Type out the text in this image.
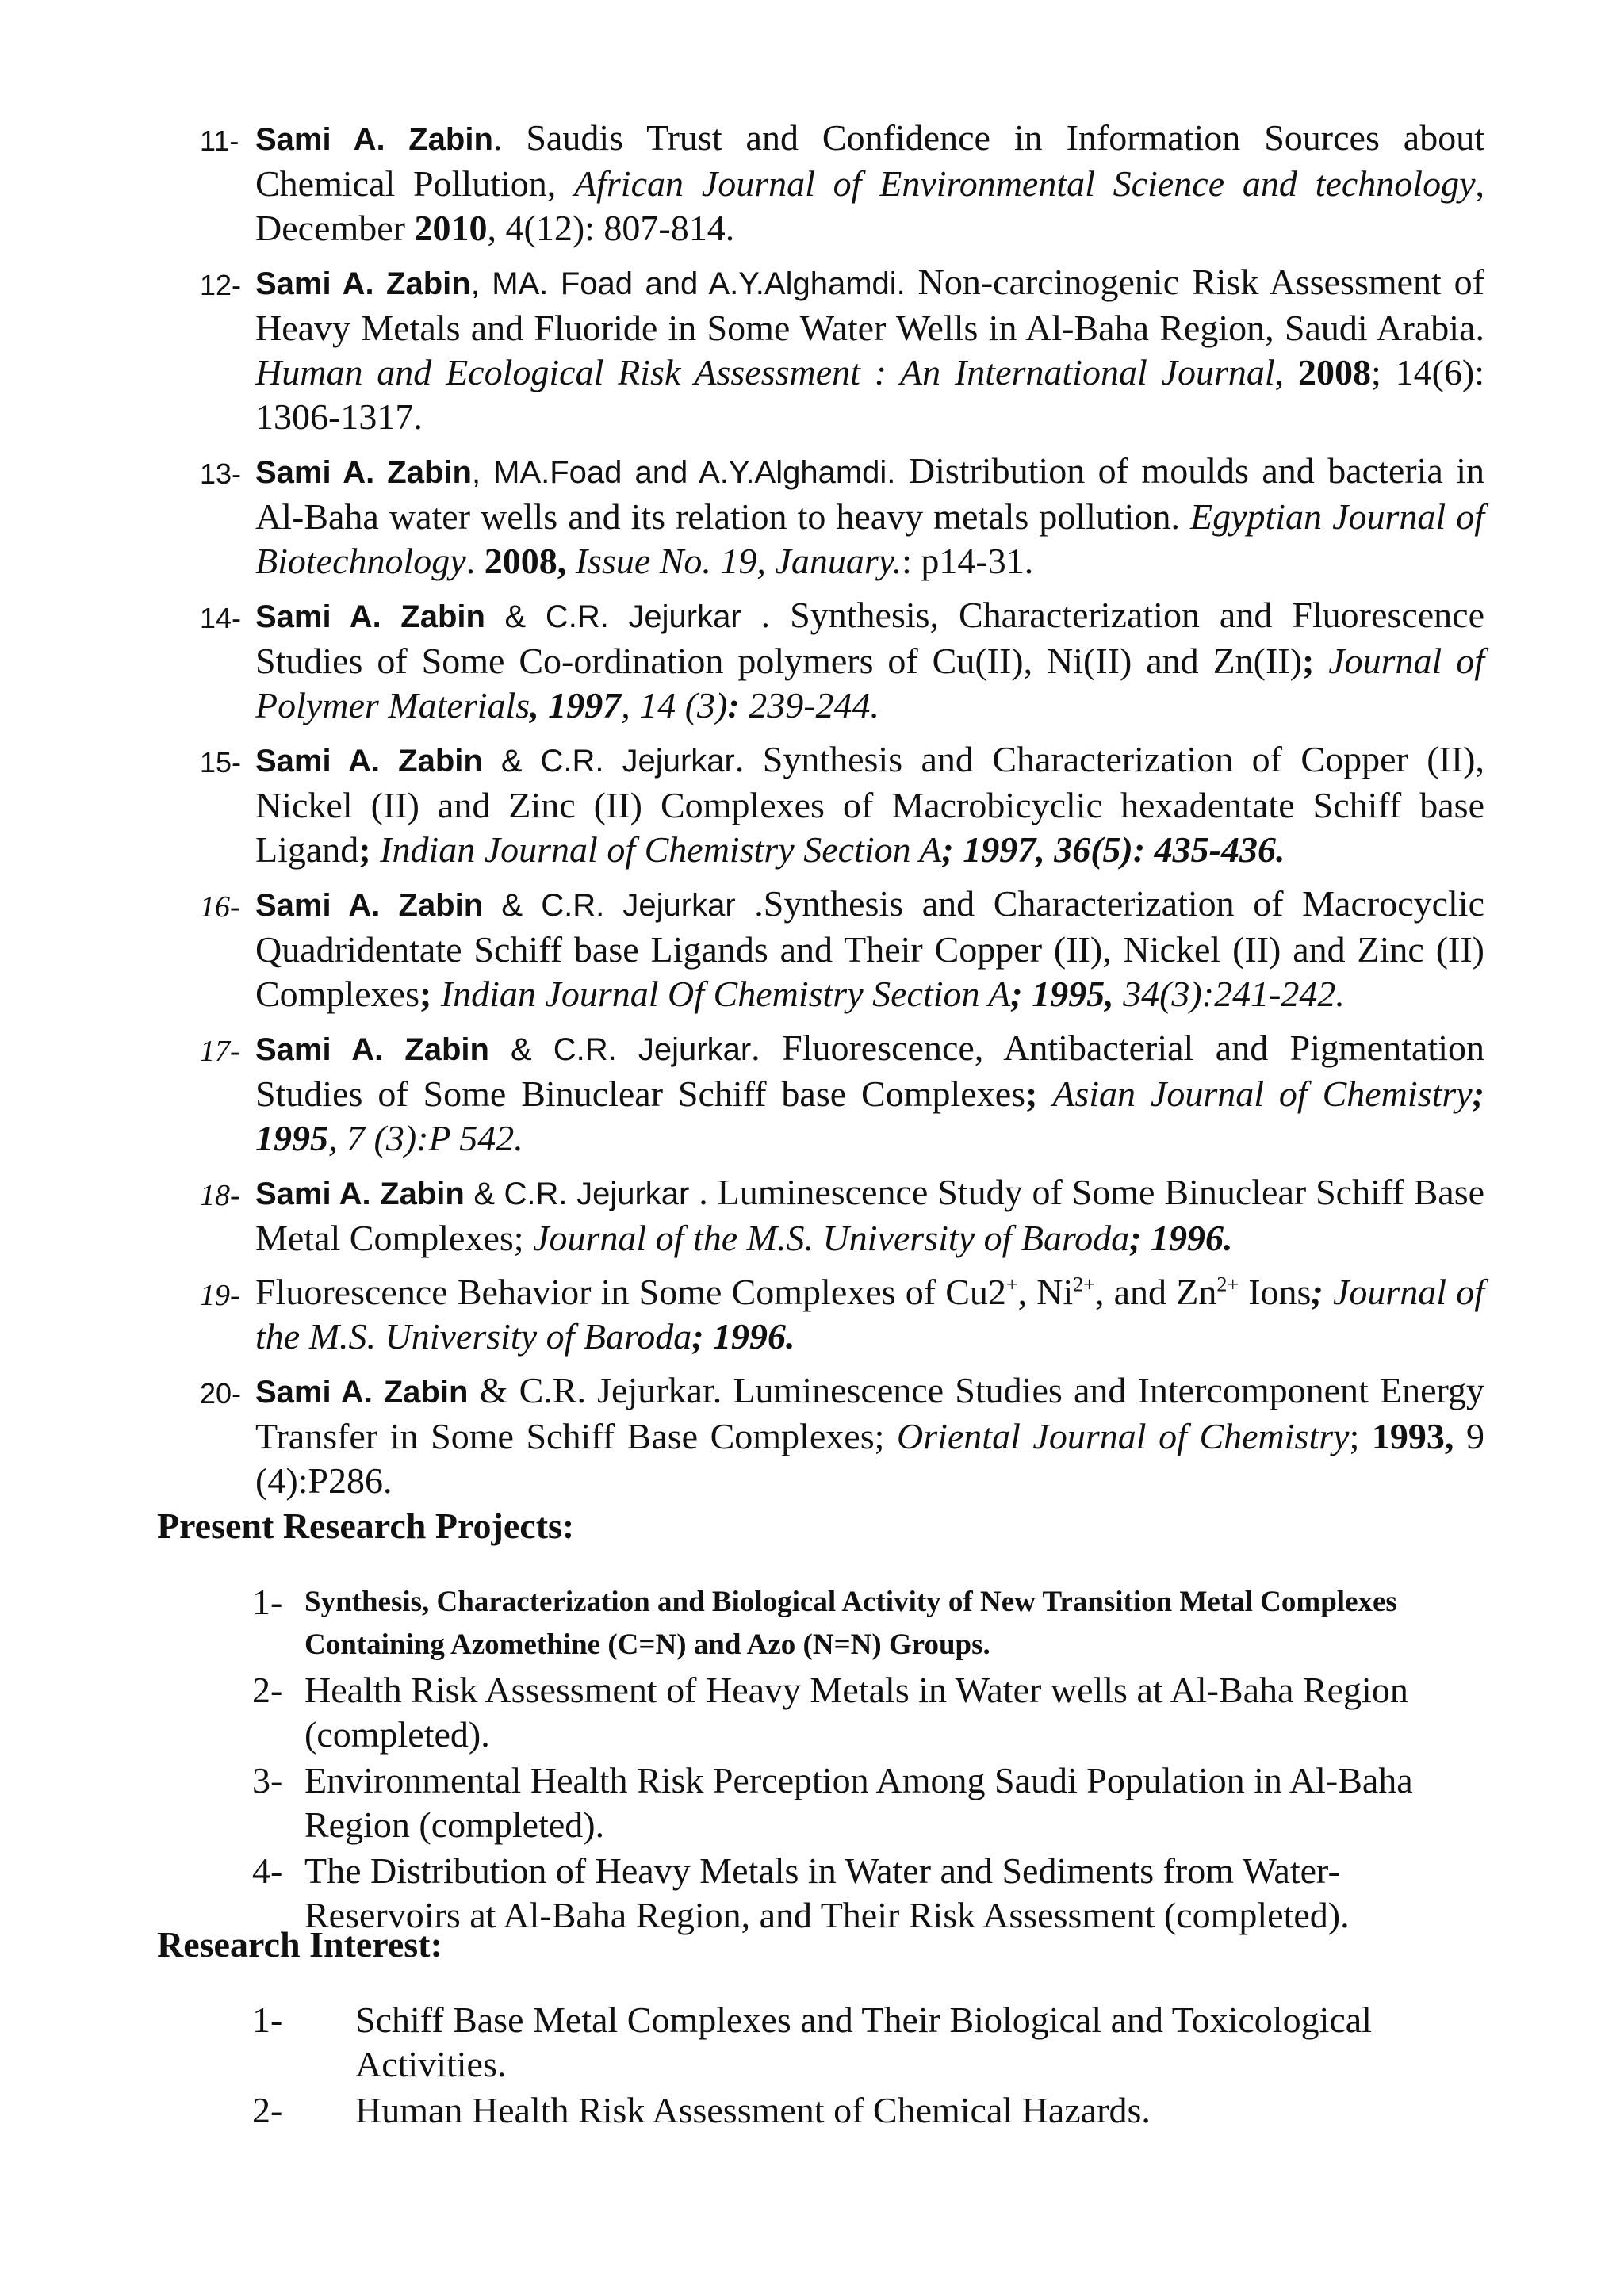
11- Sami A. Zabin. Saudis Trust and Confidence in Information Sources about Chemical Pollution, African Journal of Environmental Science and technology, December 2010, 4(12): 807-814.
12- Sami A. Zabin, MA. Foad and A.Y.Alghamdi. Non-carcinogenic Risk Assessment of Heavy Metals and Fluoride in Some Water Wells in Al-Baha Region, Saudi Arabia. Human and Ecological Risk Assessment : An International Journal, 2008; 14(6): 1306-1317.
13- Sami A. Zabin, MA.Foad and A.Y.Alghamdi. Distribution of moulds and bacteria in Al-Baha water wells and its relation to heavy metals pollution. Egyptian Journal of Biotechnology. 2008, Issue No. 19, January.: p14-31.
14- Sami A. Zabin & C.R. Jejurkar . Synthesis, Characterization and Fluorescence Studies of Some Co-ordination polymers of Cu(II), Ni(II) and Zn(II); Journal of Polymer Materials, 1997, 14 (3): 239-244.
15- Sami A. Zabin & C.R. Jejurkar. Synthesis and Characterization of Copper (II), Nickel (II) and Zinc (II) Complexes of Macrobicyclic hexadentate Schiff base Ligand; Indian Journal of Chemistry Section A; 1997, 36(5): 435-436.
16- Sami A. Zabin & C.R. Jejurkar .Synthesis and Characterization of Macrocyclic Quadridentate Schiff base Ligands and Their Copper (II), Nickel (II) and Zinc (II) Complexes; Indian Journal Of Chemistry Section A; 1995, 34(3):241-242.
17- Sami A. Zabin & C.R. Jejurkar. Fluorescence, Antibacterial and Pigmentation Studies of Some Binuclear Schiff base Complexes; Asian Journal of Chemistry; 1995, 7 (3):P 542.
18- Sami A. Zabin & C.R. Jejurkar . Luminescence Study of Some Binuclear Schiff Base Metal Complexes; Journal of the M.S. University of Baroda; 1996.
19- Fluorescence Behavior in Some Complexes of Cu2+, $Ni^{2+}$, and $Zn^{2+}$ Ions; Journal of the M.S. University of Baroda; 1996.
20- Sami A. Zabin & C.R. Jejurkar. Luminescence Studies and Intercomponent Energy Transfer in Some Schiff Base Complexes; Oriental Journal of Chemistry; 1993, 9 (4):P286.
Present Research Projects:
1- Synthesis, Characterization and Biological Activity of New Transition Metal Complexes Containing Azomethine (C=N) and Azo (N=N) Groups.
2- Health Risk Assessment of Heavy Metals in Water wells at Al-Baha Region (completed).
3- Environmental Health Risk Perception Among Saudi Population in Al-Baha Region (completed).
4- The Distribution of Heavy Metals in Water and Sediments from Water-Reservoirs at Al-Baha Region, and Their Risk Assessment (completed).
Research Interest:
1- Schiff Base Metal Complexes and Their Biological and Toxicological Activities.
2- Human Health Risk Assessment of Chemical Hazards.
